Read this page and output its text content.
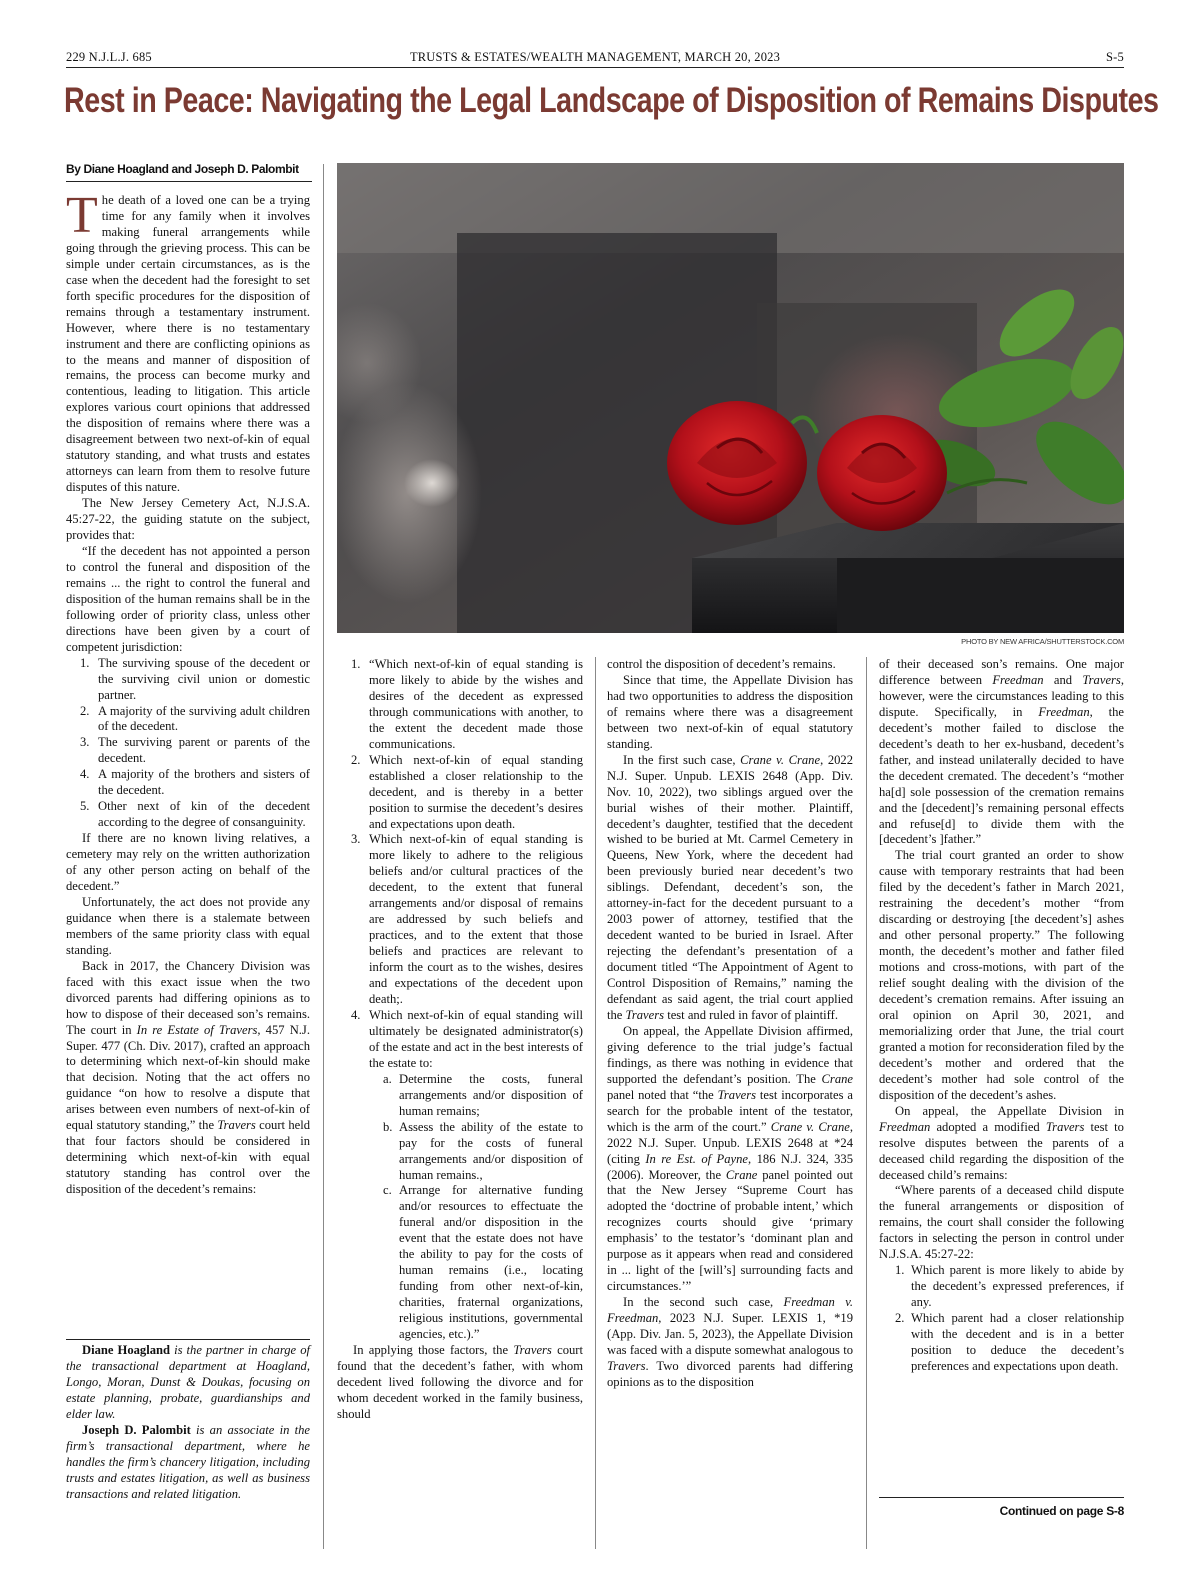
229 N.J.L.J. 685	TRUSTS & ESTATES/WEALTH MANAGEMENT, MARCH 20, 2023	S-5
Rest in Peace: Navigating the Legal Landscape of Disposition of Remains Disputes
By Diane Hoagland and Joseph D. Palombit

The death of a loved one can be a trying time for any family when it involves making funeral arrangements while going through the grieving process. This can be simple under certain circumstances, as is the case when the decedent had the foresight to set forth specific procedures for the disposition of remains through a testamentary instrument. However, where there is no testamentary instrument and there are conflicting opinions as to the means and manner of disposition of remains, the process can become murky and contentious, leading to litigation. This article explores various court opinions that addressed the disposition of remains where there was a disagreement between two next-of-kin of equal statutory standing, and what trusts and estates attorneys can learn from them to resolve future disputes of this nature.

The New Jersey Cemetery Act, N.J.S.A. 45:27-22, the guiding statute on the subject, provides that:

“If the decedent has not appointed a person to control the funeral and disposition of the remains ... the right to control the funeral and disposition of the human remains shall be in the following order of priority class, unless other directions have been given by a court of competent jurisdiction:

1. The surviving spouse of the decedent or the surviving civil union or domestic partner.
2. A majority of the surviving adult children of the decedent.
3. The surviving parent or parents of the decedent.
4. A majority of the brothers and sisters of the decedent.
5. Other next of kin of the decedent according to the degree of consanguinity.

If there are no known living relatives, a cemetery may rely on the written authorization of any other person acting on behalf of the decedent.”

Unfortunately, the act does not provide any guidance when there is a stalemate between members of the same priority class with equal standing.

Back in 2017, the Chancery Division was faced with this exact issue when the two divorced parents had differing opinions as to how to dispose of their deceased son’s remains. The court in In re Estate of Travers, 457 N.J. Super. 477 (Ch. Div. 2017), crafted an approach to determining which next-of-kin should make that decision. Noting that the act offers no guidance “on how to resolve a dispute that arises between even numbers of next-of-kin of equal statutory standing,” the Travers court held that four factors should be considered in determining which next-of-kin with equal statutory standing has control over the disposition of the decedent’s remains:

Diane Hoagland is the partner in charge of the transactional department at Hoagland, Longo, Moran, Dunst & Doukas, focusing on estate planning, probate, guardianships and elder law.

Joseph D. Palombit is an associate in the firm’s transactional department, where he handles the firm’s chancery litigation, including trusts and estates litigation, as well as business transactions and related litigation.

PHOTO BY NEW AFRICA/SHUTTERSTOCK.COM
1. “Which next-of-kin of equal standing is more likely to abide by the wishes and desires of the decedent as expressed through communications with another, to the extent the decedent made those communications.
2. Which next-of-kin of equal standing established a closer relationship to the decedent, and is thereby in a better position to surmise the decedent’s desires and expectations upon death.
3. Which next-of-kin of equal standing is more likely to adhere to the religious beliefs and/or cultural practices of the decedent, to the extent that funeral arrangements and/or disposal of remains are addressed by such beliefs and practices, and to the extent that those beliefs and practices are relevant to inform the court as to the wishes, desires and expectations of the decedent upon death;.
4. Which next-of-kin of equal standing will ultimately be designated administrator(s) of the estate and act in the best interests of the estate to:
a. Determine the costs, funeral arrangements and/or disposition of human remains;
b. Assess the ability of the estate to pay for the costs of funeral arrangements and/or disposition of human remains.,
c. Arrange for alternative funding and/or resources to effectuate the funeral and/or disposition in the event that the estate does not have the ability to pay for the costs of human remains (i.e., locating funding from other next-of-kin, charities, fraternal organizations, religious institutions, governmental agencies, etc.).”

In applying those factors, the Travers court found that the decedent’s father, with whom decedent lived following the divorce and for whom decedent worked in the family business, should

control the disposition of decedent’s remains.

Since that time, the Appellate Division has had two opportunities to address the disposition of remains where there was a disagreement between two next-of-kin of equal statutory standing.

In the first such case, Crane v. Crane, 2022 N.J. Super. Unpub. LEXIS 2648 (App. Div. Nov. 10, 2022), two siblings argued over the burial wishes of their mother. Plaintiff, decedent’s daughter, testified that the decedent wished to be buried at Mt. Carmel Cemetery in Queens, New York, where the decedent had been previously buried near decedent’s two siblings. Defendant, decedent’s son, the attorney-in-fact for the decedent pursuant to a 2003 power of attorney, testified that the decedent wanted to be buried in Israel. After rejecting the defendant’s presentation of a document titled “The Appointment of Agent to Control Disposition of Remains,” naming the defendant as said agent, the trial court applied the Travers test and ruled in favor of plaintiff.

On appeal, the Appellate Division affirmed, giving deference to the trial judge’s factual findings, as there was nothing in evidence that supported the defendant’s position. The Crane panel noted that “the Travers test incorporates a search for the probable intent of the testator, which is the arm of the court.” Crane v. Crane, 2022 N.J. Super. Unpub. LEXIS 2648 at *24 (citing In re Est. of Payne, 186 N.J. 324, 335 (2006). Moreover, the Crane panel pointed out that the New Jersey “Supreme Court has adopted the ‘doctrine of probable intent,’ which recognizes courts should give ‘primary emphasis’ to the testator’s ‘dominant plan and purpose as it appears when read and considered in ... light of the [will’s] surrounding facts and circumstances.’”

In the second such case, Freedman v. Freedman, 2023 N.J. Super. LEXIS 1, *19 (App. Div. Jan. 5, 2023), the Appellate Division was faced with a dispute somewhat analogous to Travers. Two divorced parents had differing opinions as to the disposition

of their deceased son’s remains. One major difference between Freedman and Travers, however, were the circumstances leading to this dispute. Specifically, in Freedman, the decedent’s mother failed to disclose the decedent’s death to her ex-husband, decedent’s father, and instead unilaterally decided to have the decedent cremated. The decedent’s “mother ha[d] sole possession of the cremation remains and the [decedent]’s remaining personal effects and refuse[d] to divide them with the [decedent’s ]father.”

The trial court granted an order to show cause with temporary restraints that had been filed by the decedent’s father in March 2021, restraining the decedent’s mother “from discarding or destroying [the decedent’s] ashes and other personal property.” The following month, the decedent’s mother and father filed motions and cross-motions, with part of the relief sought dealing with the division of the decedent’s cremation remains. After issuing an oral opinion on April 30, 2021, and memorializing order that June, the trial court granted a motion for reconsideration filed by the decedent’s mother and ordered that the decedent’s mother had sole control of the disposition of the decedent’s ashes.

On appeal, the Appellate Division in Freedman adopted a modified Travers test to resolve disputes between the parents of a deceased child regarding the disposition of the deceased child’s remains:

“Where parents of a deceased child dispute the funeral arrangements or disposition of remains, the court shall consider the following factors in selecting the person in control under N.J.S.A. 45:27-22:

1. Which parent is more likely to abide by the decedent’s expressed preferences, if any.
2. Which parent had a closer relationship with the decedent and is in a better position to deduce the decedent’s preferences and expectations upon death.
Continued on page S-8
